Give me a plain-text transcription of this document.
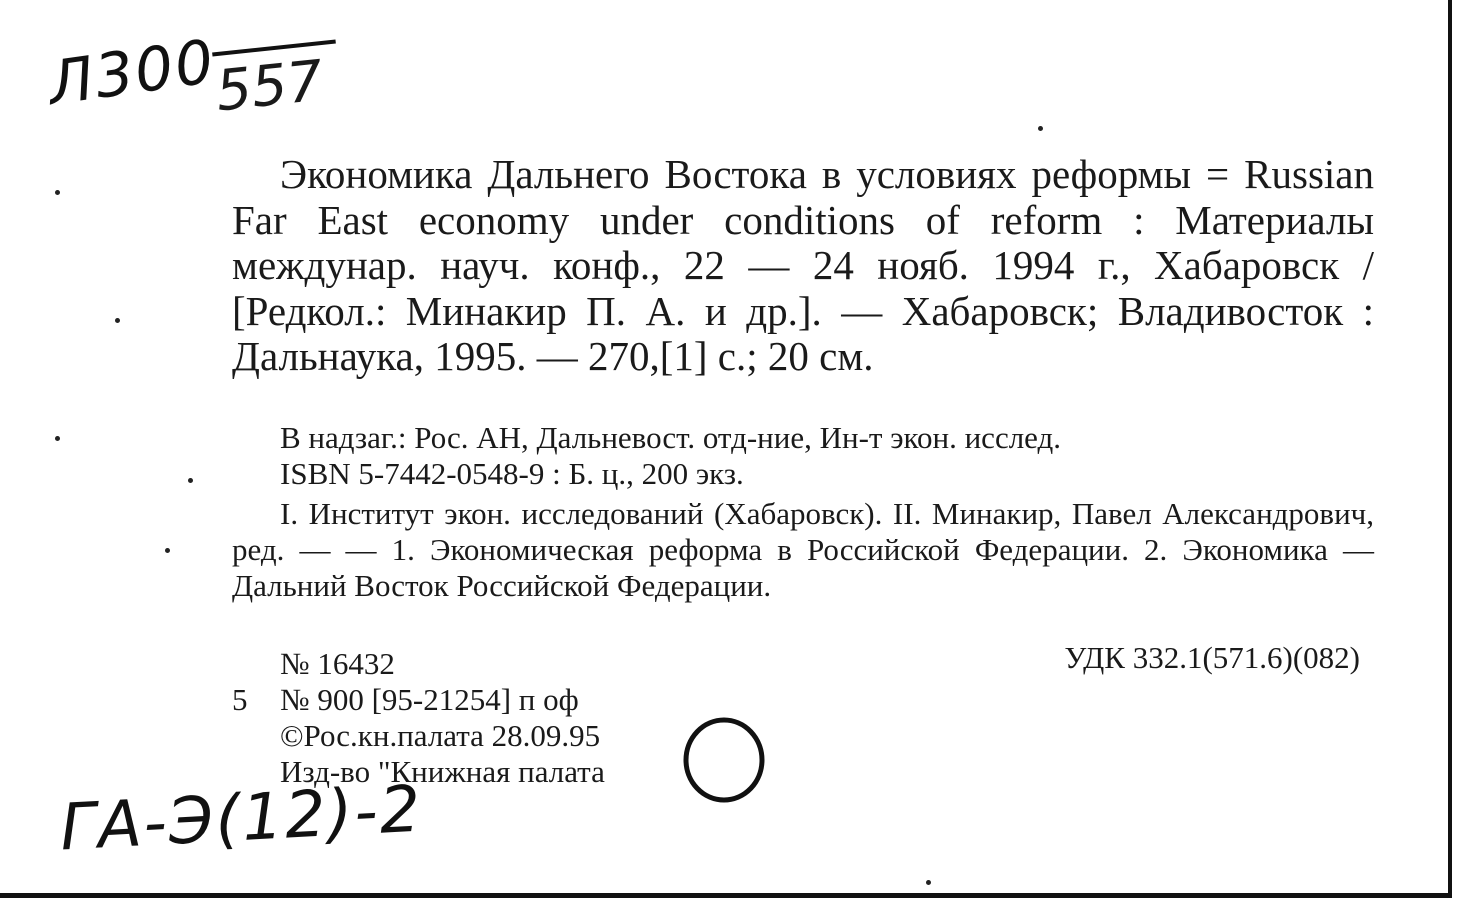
Л300
557
Экономика Дальнего Востока в условиях реформы = Russian Far East economy under conditions of reform : Материалы междунар. науч. конф., 22 — 24 нояб. 1994 г., Хабаровск / [Редкол.: Минакир П. А. и др.]. — Хабаровск; Владивосток : Дальнаука, 1995. — 270,[1] с.; 20 см.
В надзаг.: Рос. АН, Дальневост. отд-ние, Ин-т экон. исслед.
ISBN 5-7442-0548-9 : Б. ц., 200 экз.
I. Институт экон. исследований (Хабаровск). II. Минакир, Павел Александрович, ред. — — 1. Экономическая реформа в Российской Федерации. 2. Экономика — Дальний Восток Российской Федерации.
УДК 332.1(571.6)(082)
№ 16432
5 № 900 [95-21254] п оф
©Рос.кн.палата 28.09.95
Изд-во "Книжная палата
ГА-Э(12)-2
